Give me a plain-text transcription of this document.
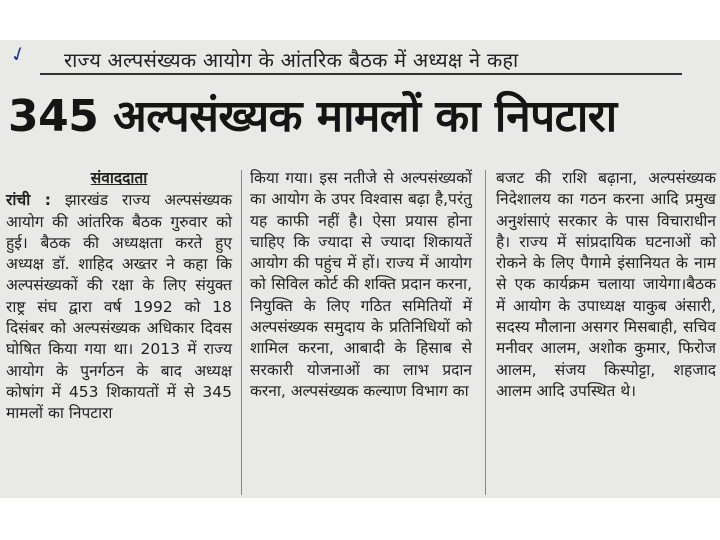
✓ राज्य अल्पसंख्यक आयोग के आंतरिक बैठक में अध्यक्ष ने कहा
345 अल्पसंख्यक मामलों का निपटारा
संवाददाता
रांची : झारखंड राज्य अल्पसंख्यक आयोग की आंतरिक बैठक गुरुवार को हुई। बैठक की अध्यक्षता करते हुए अध्यक्ष डॉ. शाहिद अख्तर ने कहा कि अल्पसंख्यकों की रक्षा के लिए संयुक्त राष्ट्र संघ द्वारा वर्ष 1992 को 18 दिसंबर को अल्पसंख्यक अधिकार दिवस घोषित किया गया था। 2013 में राज्य आयोग के पुनर्गठन के बाद अध्यक्ष कोषांग में 453 शिकायतों में से 345 मामलों का निपटारा
किया गया। इस नतीजे से अल्पसंख्यकों का आयोग के उपर विश्वास बढ़ा है,परंतु यह काफी नहीं है। ऐसा प्रयास होना चाहिए कि ज्यादा से ज्यादा शिकायतें आयोग की पहुंच में हों। राज्य में आयोग को सिविल कोर्ट की शक्ति प्रदान करना, नियुक्ति के लिए गठित समितियों में अल्पसंख्यक समुदाय के प्रतिनिधियों को शामिल करना, आबादी के हिसाब से सरकारी योजनाओं का लाभ प्रदान करना, अल्पसंख्यक कल्याण विभाग का
बजट की राशि बढ़ाना, अल्पसंख्यक निदेशालय का गठन करना आदि प्रमुख अनुशंसाएं सरकार के पास विचाराधीन है। राज्य में सांप्रदायिक घटनाओं को रोकने के लिए पैगामे इंसानियत के नाम से एक कार्यक्रम चलाया जायेगा।बैठक में आयोग के उपाध्यक्ष याकुब अंसारी, सदस्य मौलाना असगर मिसबाही, सचिव मनीवर आलम, अशोक कुमार, फिरोज आलम, संजय किस्पोट्टा, शहजाद आलम आदि उपस्थित थे।
